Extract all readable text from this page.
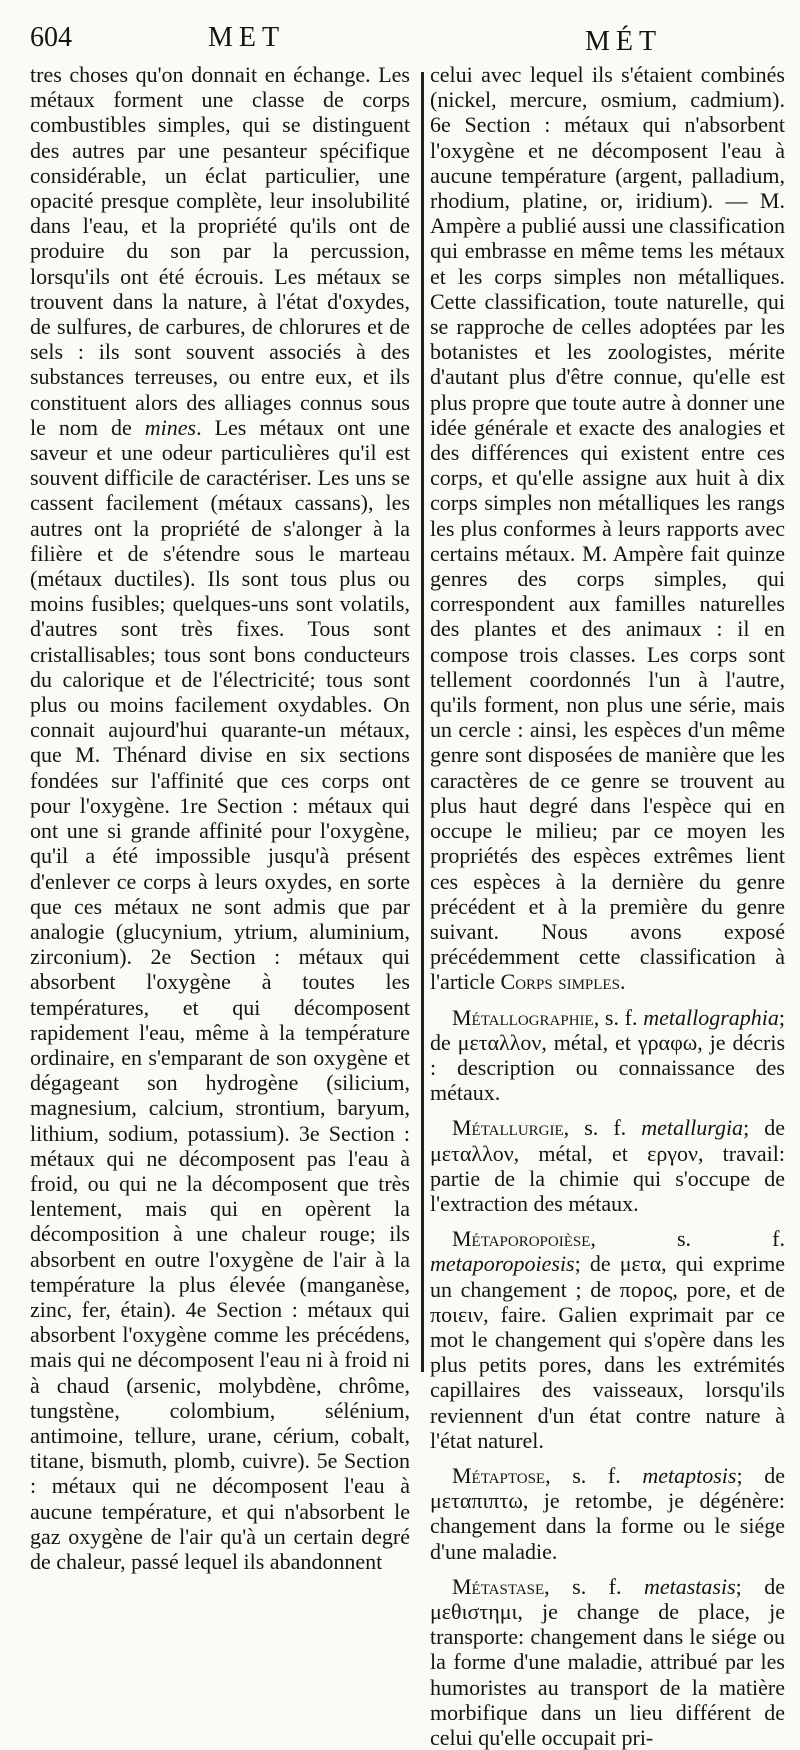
604	MET	MÉT

tres choses qu'on donnait en échange. Les métaux forment une classe de corps combustibles simples, qui se distinguent des autres par une pesanteur spécifique considérable, un éclat particulier, une opacité presque complète, leur insolubilité dans l'eau, et la propriété qu'ils ont de produire du son par la percussion, lorsqu'ils ont été écrouis. Les métaux se trouvent dans la nature, à l'état d'oxydes, de sulfures, de carbures, de chlorures et de sels : ils sont souvent associés à des substances terreuses, ou entre eux, et ils constituent alors des alliages connus sous le nom de mines. Les métaux ont une saveur et une odeur particulières qu'il est souvent difficile de caractériser. Les uns se cassent facilement (métaux cassans), les autres ont la propriété de s'alonger à la filière et de s'étendre sous le marteau (métaux ductiles). Ils sont tous plus ou moins fusibles; quelques-uns sont volatils, d'autres sont très fixes. Tous sont cristallisables; tous sont bons conducteurs du calorique et de l'électricité; tous sont plus ou moins facilement oxydables. On connait aujourd'hui quarante-un métaux, que M. Thénard divise en six sections fondées sur l'affinité que ces corps ont pour l'oxygène. 1re Section : métaux qui ont une si grande affinité pour l'oxygène, qu'il a été impossible jusqu'à présent d'enlever ce corps à leurs oxydes, en sorte que ces métaux ne sont admis que par analogie (glucynium, ytrium, aluminium, zirconium). 2e Section : métaux qui absorbent l'oxygène à toutes les températures, et qui décomposent rapidement l'eau, même à la température ordinaire, en s'emparant de son oxygène et dégageant son hydrogène (silicium, magnesium, calcium, strontium, baryum, lithium, sodium, potassium). 3e Section : métaux qui ne décomposent pas l'eau à froid, ou qui ne la décomposent que très lentement, mais qui en opèrent la décomposition à une chaleur rouge; ils absorbent en outre l'oxygène de l'air à la température la plus élevée (manganèse, zinc, fer, étain). 4e Section : métaux qui absorbent l'oxygène comme les précédens, mais qui ne décomposent l'eau ni à froid ni à chaud (arsenic, molybdène, chrôme, tungstène, colombium, sélénium, antimoine, tellure, urane, cérium, cobalt, titane, bismuth, plomb, cuivre). 5e Section : métaux qui ne décomposent l'eau à aucune température, et qui n'absorbent le gaz oxygène de l'air qu'à un certain degré de chaleur, passé lequel ils abandonnent

celui avec lequel ils s'étaient combinés (nickel, mercure, osmium, cadmium). 6e Section : métaux qui n'absorbent l'oxygène et ne décomposent l'eau à aucune température (argent, palladium, rhodium, platine, or, iridium). — M. Ampère a publié aussi une classification qui embrasse en même tems les métaux et les corps simples non métalliques. Cette classification, toute naturelle, qui se rapproche de celles adoptées par les botanistes et les zoologistes, mérite d'autant plus d'être connue, qu'elle est plus propre que toute autre à donner une idée générale et exacte des analogies et des différences qui existent entre ces corps, et qu'elle assigne aux huit à dix corps simples non métalliques les rangs les plus conformes à leurs rapports avec certains métaux. M. Ampère fait quinze genres des corps simples, qui correspondent aux familles naturelles des plantes et des animaux : il en compose trois classes. Les corps sont tellement coordonnés l'un à l'autre, qu'ils forment, non plus une série, mais un cercle : ainsi, les espèces d'un même genre sont disposées de manière que les caractères de ce genre se trouvent au plus haut degré dans l'espèce qui en occupe le milieu; par ce moyen les propriétés des espèces extrêmes lient ces espèces à la dernière du genre précédent et à la première du genre suivant. Nous avons exposé précédemment cette classification à l'article Corps simples.

Métallographie, s. f. metallographia; de μεταλλον, métal, et γραφω, je décris : description ou connaissance des métaux.

Métallurgie, s. f. metallurgia; de μεταλλον, métal, et εργον, travail: partie de la chimie qui s'occupe de l'extraction des métaux.

Métaporopoièse, s. f. metaporopoiesis; de μετα, qui exprime un changement ; de πορος, pore, et de ποιειν, faire. Galien exprimait par ce mot le changement qui s'opère dans les plus petits pores, dans les extrémités capillaires des vaisseaux, lorsqu'ils reviennent d'un état contre nature à l'état naturel.

Métaptose, s. f. metaptosis; de μεταπιπτω, je retombe, je dégénère: changement dans la forme ou le siége d'une maladie.

Métastase, s. f. metastasis; de μεθιστημι, je change de place, je transporte: changement dans le siége ou la forme d'une maladie, attribué par les humoristes au transport de la matière morbifique dans un lieu différent de celui qu'elle occupait pri-
